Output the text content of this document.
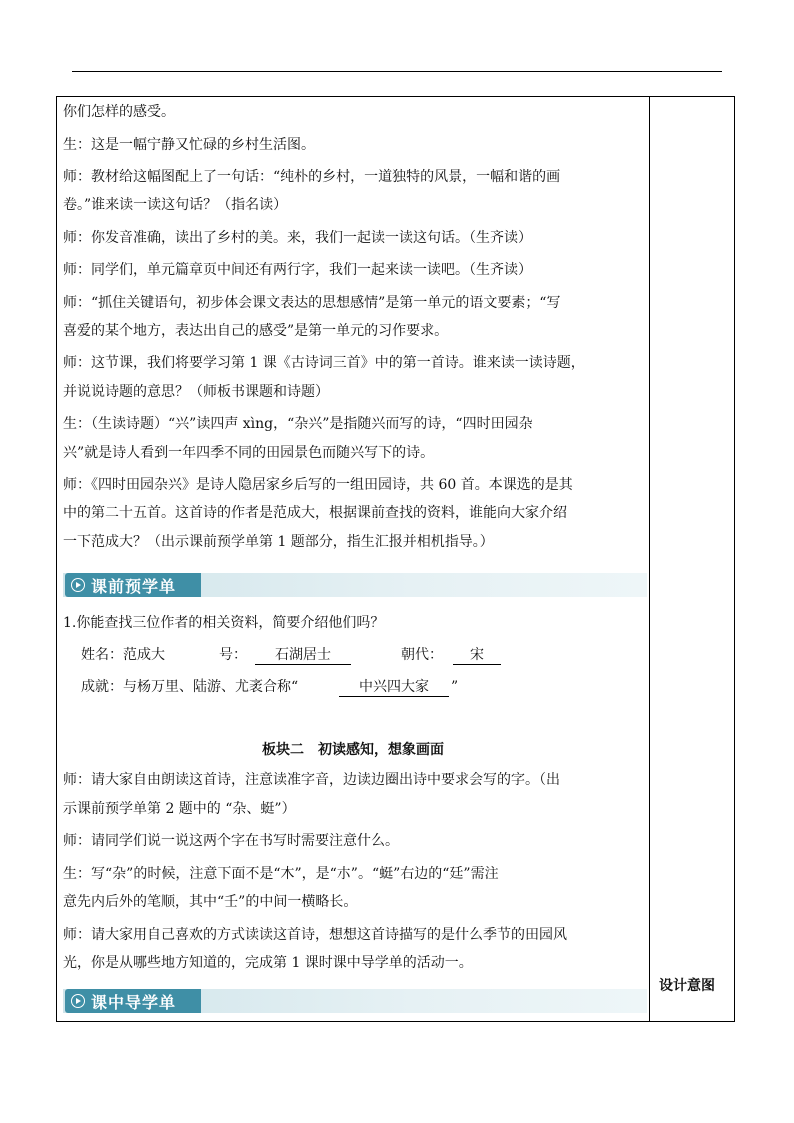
你们怎样的感受。
生：这是一幅宁静又忙碌的乡村生活图。
师：教材给这幅图配上了一句话：“纯朴的乡村，一道独特的风景，一幅和谐的画
卷。”谁来读一读这句话？（指名读）
师：你发音准确，读出了乡村的美。来，我们一起读一读这句话。（生齐读）
师：同学们，单元篇章页中间还有两行字，我们一起来读一读吧。（生齐读）
师：“抓住关键语句，初步体会课文表达的思想感情”是第一单元的语文要素；“写
喜爱的某个地方，表达出自己的感受”是第一单元的习作要求。
师：这节课，我们将要学习第 1 课《古诗词三首》中的第一首诗。谁来读一读诗题，
并说说诗题的意思？（师板书课题和诗题）
生：（生读诗题）“兴”读四声 xìng，“杂兴”是指随兴而写的诗，“四时田园杂
兴”就是诗人看到一年四季不同的田园景色而随兴写下的诗。
师：《四时田园杂兴》是诗人隐居家乡后写的一组田园诗，共 60 首。本课选的是其
中的第二十五首。这首诗的作者是范成大，根据课前查找的资料，谁能向大家介绍
一下范成大？（出示课前预学单第 1 题部分，指生汇报并相机指导。）
课前预学单
1.你能查找三位作者的相关资料，简要介绍他们吗？
姓名：范成大	号：	石湖居士	朝代：	宋
成就：与杨万里、陆游、尤袤合称“	中兴四大家	”
板块二　初读感知，想象画面
师：请大家自由朗读这首诗，注意读准字音，边读边圈出诗中要求会写的字。（出
示课前预学单第 2 题中的 “杂、蜓”）
师：请同学们说一说这两个字在书写时需要注意什么。
生：写“杂”的时候，注意下面不是“木”，是“朩”。“蜓”右边的“廷”需注
意先内后外的笔顺，其中“壬”的中间一横略长。
师：请大家用自己喜欢的方式读读这首诗，想想这首诗描写的是什么季节的田园风
光，你是从哪些地方知道的，完成第 1 课时课中导学单的活动一。
课中导学单
设计意图
